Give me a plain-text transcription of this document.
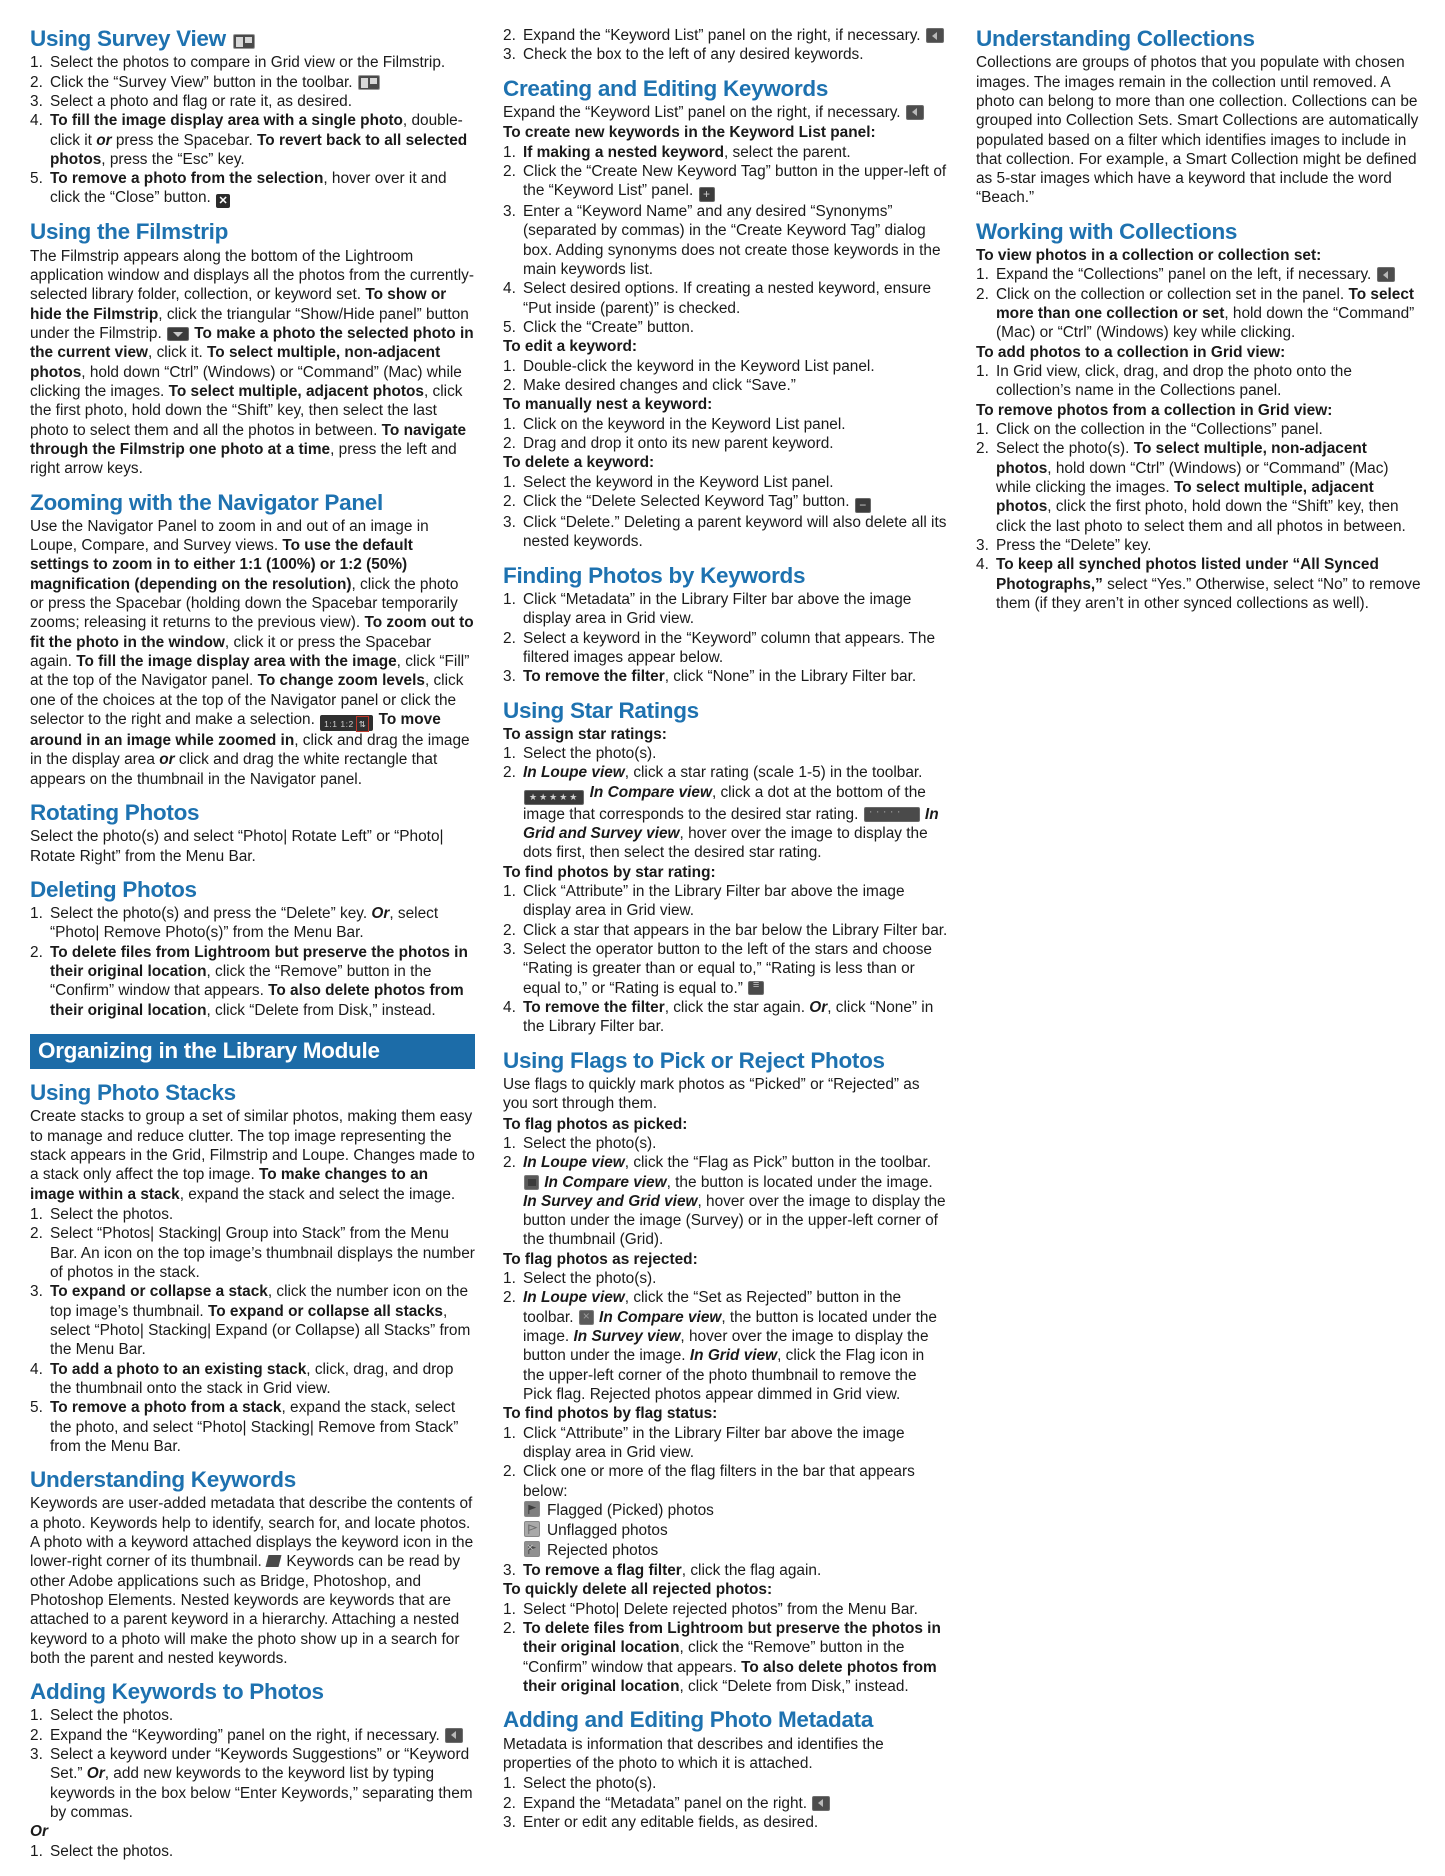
Using Survey View
Select the photos to compare in Grid view or the Filmstrip.
Click the “Survey View” button in the toolbar.
Select a photo and flag or rate it, as desired.
To fill the image display area with a single photo, double-click it or press the Spacebar. To revert back to all selected photos, press the “Esc” key.
To remove a photo from the selection, hover over it and click the “Close” button. ✕
Using the Filmstrip

The Filmstrip appears along the bottom of the Lightroom application window and displays all the photos from the currently-selected library folder, collection, or keyword set. To show or hide the Filmstrip, click the triangular “Show/Hide panel” button under the Filmstrip.  To make a photo the selected photo in the current view, click it. To select multiple, non-adjacent photos, hold down “Ctrl” (Windows) or “Command” (Mac) while clicking the images. To select multiple, adjacent photos, click the first photo, hold down the “Shift” key, then select the last photo to select them and all the photos in between. To navigate through the Filmstrip one photo at a time, press the left and right arrow keys.

Zooming with the Navigator Panel

Use the Navigator Panel to zoom in and out of an image in Loupe, Compare, and Survey views. To use the default settings to zoom in to either 1:1 (100%) or 1:2 (50%) magnification (depending on the resolution), click the photo or press the Spacebar (holding down the Spacebar temporarily zooms; releasing it returns to the previous view). To zoom out to fit the photo in the window, click it or press the Spacebar again. To fill the image display area with the image, click “Fill” at the top of the Navigator panel. To change zoom levels, click one of the choices at the top of the Navigator panel or click the selector to the right and make a selection. 1:1 1:2 ⇅ To move around in an image while zoomed in, click and drag the image in the display area or click and drag the white rectangle that appears on the thumbnail in the Navigator panel.

Rotating Photos

Select the photo(s) and select “Photo| Rotate Left” or “Photo| Rotate Right” from the Menu Bar.

Deleting Photos
Select the photo(s) and press the “Delete” key. Or, select “Photo| Remove Photo(s)” from the Menu Bar.
To delete files from Lightroom but preserve the photos in their original location, click the “Remove” button in the “Confirm” window that appears. To also delete photos from their original location, click “Delete from Disk,” instead.
Organizing in the Library Module
Using Photo Stacks

Create stacks to group a set of similar photos, making them easy to manage and reduce clutter. The top image representing the stack appears in the Grid, Filmstrip and Loupe. Changes made to a stack only affect the top image. To make changes to an image within a stack, expand the stack and select the image.

Select the photos.
Select “Photos| Stacking| Group into Stack” from the Menu Bar. An icon on the top image’s thumbnail displays the number of photos in the stack.
To expand or collapse a stack, click the number icon on the top image’s thumbnail. To expand or collapse all stacks, select “Photo| Stacking| Expand (or Collapse) all Stacks” from the Menu Bar.
To add a photo to an existing stack, click, drag, and drop the thumbnail onto the stack in Grid view.
To remove a photo from a stack, expand the stack, select the photo, and select “Photo| Stacking| Remove from Stack” from the Menu Bar.
Understanding Keywords

Keywords are user-added metadata that describe the contents of a photo. Keywords help to identify, search for, and locate photos. A photo with a keyword attached displays the keyword icon in the lower-right corner of its thumbnail.  Keywords can be read by other Adobe applications such as Bridge, Photoshop, and Photoshop Elements. Nested keywords are keywords that are attached to a parent keyword in a hierarchy. Attaching a nested keyword to a photo will make the photo show up in a search for both the parent and nested keywords.

Adding Keywords to Photos
Select the photos.
Expand the “Keywording” panel on the right, if necessary.
Select a keyword under “Keywords Suggestions” or “Keyword Set.” Or, add new keywords to the keyword list by typing keywords in the box below “Enter Keywords,” separating them by commas.

Or

Select the photos.
Expand the “Keyword List” panel on the right, if necessary.
Check the box to the left of any desired keywords.
Creating and Editing Keywords

Expand the “Keyword List” panel on the right, if necessary.

To create new keywords in the Keyword List panel:

If making a nested keyword, select the parent.
Click the “Create New Keyword Tag” button in the upper-left of the “Keyword List” panel. +
Enter a “Keyword Name” and any desired “Synonyms” (separated by commas) in the “Create Keyword Tag” dialog box. Adding synonyms does not create those keywords in the main keywords list.
Select desired options. If creating a nested keyword, ensure “Put inside (parent)” is checked.
Click the “Create” button.

To edit a keyword:

Double-click the keyword in the Keyword List panel.
Make desired changes and click “Save.”

To manually nest a keyword:

Click on the keyword in the Keyword List panel.
Drag and drop it onto its new parent keyword.

To delete a keyword:

Select the keyword in the Keyword List panel.
Click the “Delete Selected Keyword Tag” button. −
Click “Delete.” Deleting a parent keyword will also delete all its nested keywords.
Finding Photos by Keywords
Click “Metadata” in the Library Filter bar above the image display area in Grid view.
Select a keyword in the “Keyword” column that appears. The filtered images appear below.
To remove the filter, click “None” in the Library Filter bar.
Using Star Ratings

To assign star ratings:

Select the photo(s).
In Loupe view, click a star rating (scale 1-5) in the toolbar. ★★★★★ In Compare view, click a dot at the bottom of the image that corresponds to the desired star rating. ·····	In Grid and Survey view, hover over the image to display the dots first, then select the desired star rating.

To find photos by star rating:

Click “Attribute” in the Library Filter bar above the image display area in Grid view.
Click a star that appears in the bar below the Library Filter bar.
Select the operator button to the left of the stars and choose “Rating is greater than or equal to,” “Rating is less than or equal to,” or “Rating is equal to.” ≡
To remove the filter, click the star again. Or, click “None” in the Library Filter bar.
Using Flags to Pick or Reject Photos

Use flags to quickly mark photos as “Picked” or “Rejected” as you sort through them.

To flag photos as picked:

Select the photo(s).
In Loupe view, click the “Flag as Pick” button in the toolbar.  In Compare view, the button is located under the image. In Survey and Grid view, hover over the image to display the button under the image (Survey) or in the upper-left corner of the thumbnail (Grid).

To flag photos as rejected:

Select the photo(s).
In Loupe view, click the “Set as Rejected” button in the toolbar. × In Compare view, the button is located under the image. In Survey view, hover over the image to display the button under the image. In Grid view, click the Flag icon in the upper-left corner of the photo thumbnail to remove the Pick flag. Rejected photos appear dimmed in Grid view.

To find photos by flag status:

Click “Attribute” in the Library Filter bar above the image display area in Grid view.
Click one or more of the flag filters in the bar that appears below:
Flagged (Picked) photos
Unflagged photos
Rejected photos
To remove a flag filter, click the flag again.

To quickly delete all rejected photos:

Select “Photo| Delete rejected photos” from the Menu Bar.
To delete files from Lightroom but preserve the photos in their original location, click the “Remove” button in the “Confirm” window that appears. To also delete photos from their original location, click “Delete from Disk,” instead.
Adding and Editing Photo Metadata

Metadata is information that describes and identifies the properties of the photo to which it is attached.

Select the photo(s).
Expand the “Metadata” panel on the right.
Enter or edit any editable fields, as desired.
Understanding Collections

Collections are groups of photos that you populate with chosen images. The images remain in the collection until removed. A photo can belong to more than one collection. Collections can be grouped into Collection Sets. Smart Collections are automatically populated based on a filter which identifies images to include in that collection. For example, a Smart Collection might be defined as 5-star images which have a keyword that include the word “Beach.”

Working with Collections

To view photos in a collection or collection set:

Expand the “Collections” panel on the left, if necessary.
Click on the collection or collection set in the panel. To select more than one collection or set, hold down the “Command” (Mac) or “Ctrl” (Windows) key while clicking.

To add photos to a collection in Grid view:

In Grid view, click, drag, and drop the photo onto the collection’s name in the Collections panel.

To remove photos from a collection in Grid view:

Click on the collection in the “Collections” panel.
Select the photo(s). To select multiple, non-adjacent photos, hold down “Ctrl” (Windows) or “Command” (Mac) while clicking the images. To select multiple, adjacent photos, click the first photo, hold down the “Shift” key, then click the last photo to select them and all photos in between.
Press the “Delete” key.
To keep all synched photos listed under “All Synced Photographs,” select “Yes.” Otherwise, select “No” to remove them (if they aren’t in other synced collections as well).
